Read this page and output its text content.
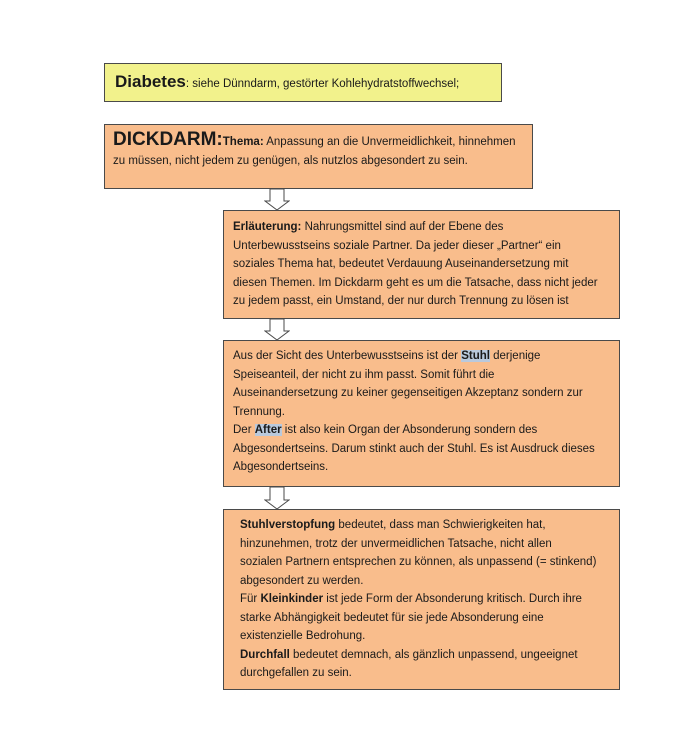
Diabetes: siehe Dünndarm, gestörter Kohlehydratstoffwechsel;
DICKDARM:Thema: Anpassung an die Unvermeidlichkeit, hinnehmen
zu müssen, nicht jedem zu genügen, als nutzlos abgesondert zu sein.
Erläuterung: Nahrungsmittel sind auf der Ebene des
Unterbewusstseins soziale Partner. Da jeder dieser „Partner“ ein
soziales Thema hat, bedeutet Verdauung Auseinandersetzung mit
diesen Themen. Im Dickdarm geht es um die Tatsache, dass nicht jeder
zu jedem passt, ein Umstand, der nur durch Trennung zu lösen ist
Aus der Sicht des Unterbewusstseins ist der Stuhl derjenige
Speiseanteil, der nicht zu ihm passt. Somit führt die
Auseinandersetzung zu keiner gegenseitigen Akzeptanz sondern zur
Trennung.
Der After ist also kein Organ der Absonderung sondern des
Abgesondertseins. Darum stinkt auch der Stuhl. Es ist Ausdruck dieses
Abgesondertseins.
Stuhlverstopfung bedeutet, dass man Schwierigkeiten hat,
hinzunehmen, trotz der unvermeidlichen Tatsache, nicht allen
sozialen Partnern entsprechen zu können, als unpassend (= stinkend)
abgesondert zu werden.
Für Kleinkinder ist jede Form der Absonderung kritisch. Durch ihre
starke Abhängigkeit bedeutet für sie jede Absonderung eine
existenzielle Bedrohung.
Durchfall bedeutet demnach, als gänzlich unpassend, ungeeignet
durchgefallen zu sein.
